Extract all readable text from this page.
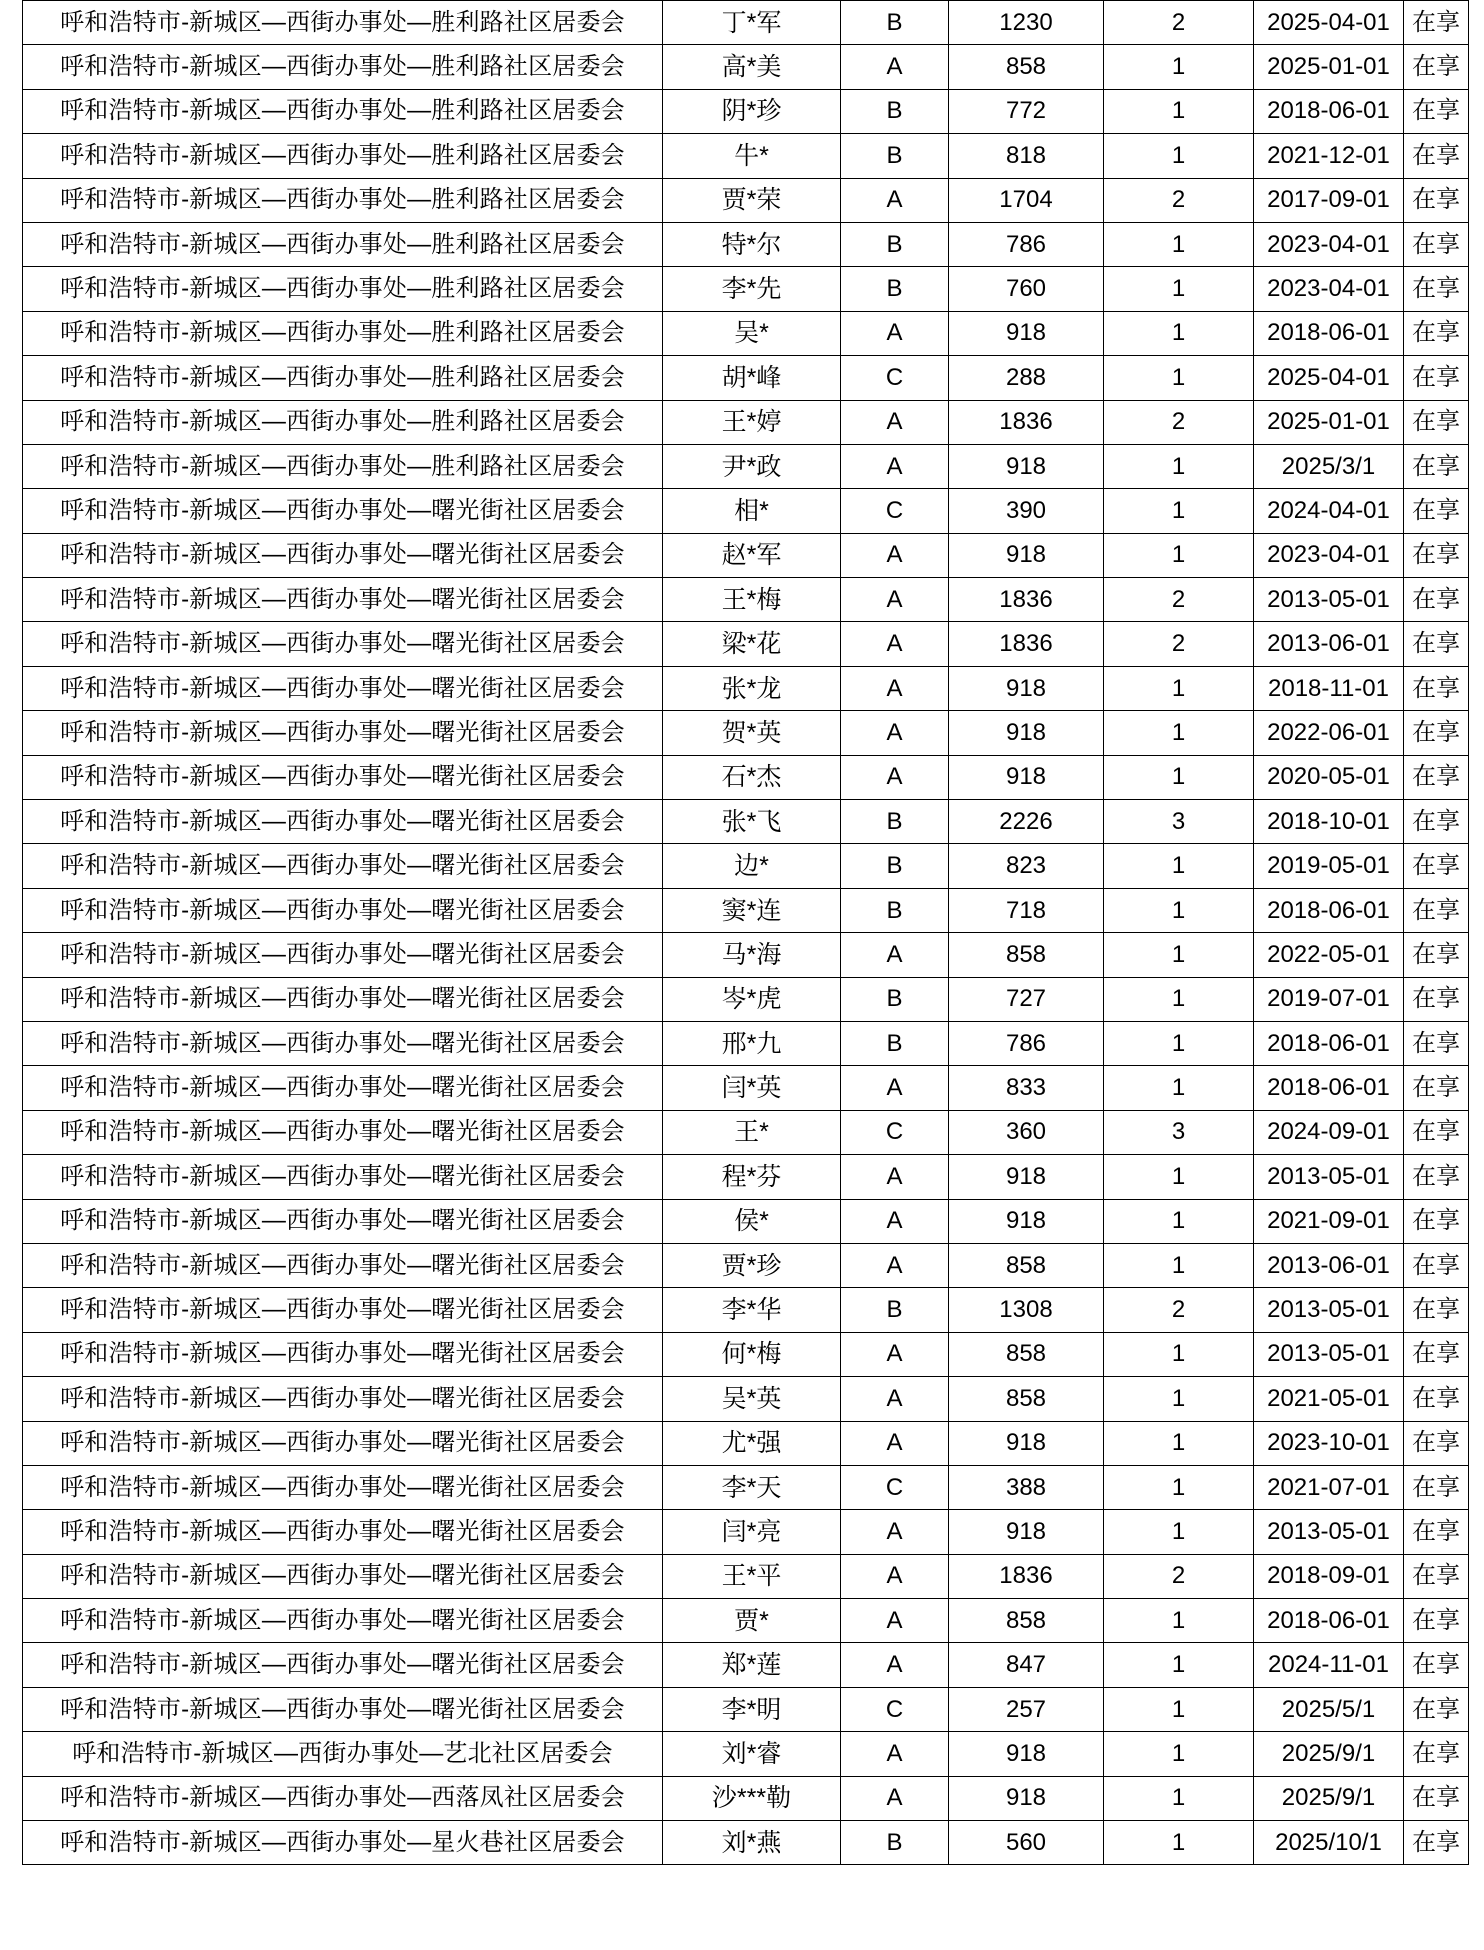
呼和浩特市-新城区—西街办事处—胜利路社区居委会	丁*军	B	1230	2	2025-04-01	在享
呼和浩特市-新城区—西街办事处—胜利路社区居委会	高*美	A	858	1	2025-01-01	在享
呼和浩特市-新城区—西街办事处—胜利路社区居委会	阴*珍	B	772	1	2018-06-01	在享
呼和浩特市-新城区—西街办事处—胜利路社区居委会	牛*	B	818	1	2021-12-01	在享
呼和浩特市-新城区—西街办事处—胜利路社区居委会	贾*荣	A	1704	2	2017-09-01	在享
呼和浩特市-新城区—西街办事处—胜利路社区居委会	特*尔	B	786	1	2023-04-01	在享
呼和浩特市-新城区—西街办事处—胜利路社区居委会	李*先	B	760	1	2023-04-01	在享
呼和浩特市-新城区—西街办事处—胜利路社区居委会	吴*	A	918	1	2018-06-01	在享
呼和浩特市-新城区—西街办事处—胜利路社区居委会	胡*峰	C	288	1	2025-04-01	在享
呼和浩特市-新城区—西街办事处—胜利路社区居委会	王*婷	A	1836	2	2025-01-01	在享
呼和浩特市-新城区—西街办事处—胜利路社区居委会	尹*政	A	918	1	2025/3/1	在享
呼和浩特市-新城区—西街办事处—曙光街社区居委会	相*	C	390	1	2024-04-01	在享
呼和浩特市-新城区—西街办事处—曙光街社区居委会	赵*军	A	918	1	2023-04-01	在享
呼和浩特市-新城区—西街办事处—曙光街社区居委会	王*梅	A	1836	2	2013-05-01	在享
呼和浩特市-新城区—西街办事处—曙光街社区居委会	梁*花	A	1836	2	2013-06-01	在享
呼和浩特市-新城区—西街办事处—曙光街社区居委会	张*龙	A	918	1	2018-11-01	在享
呼和浩特市-新城区—西街办事处—曙光街社区居委会	贺*英	A	918	1	2022-06-01	在享
呼和浩特市-新城区—西街办事处—曙光街社区居委会	石*杰	A	918	1	2020-05-01	在享
呼和浩特市-新城区—西街办事处—曙光街社区居委会	张*飞	B	2226	3	2018-10-01	在享
呼和浩特市-新城区—西街办事处—曙光街社区居委会	边*	B	823	1	2019-05-01	在享
呼和浩特市-新城区—西街办事处—曙光街社区居委会	窦*连	B	718	1	2018-06-01	在享
呼和浩特市-新城区—西街办事处—曙光街社区居委会	马*海	A	858	1	2022-05-01	在享
呼和浩特市-新城区—西街办事处—曙光街社区居委会	岑*虎	B	727	1	2019-07-01	在享
呼和浩特市-新城区—西街办事处—曙光街社区居委会	邢*九	B	786	1	2018-06-01	在享
呼和浩特市-新城区—西街办事处—曙光街社区居委会	闫*英	A	833	1	2018-06-01	在享
呼和浩特市-新城区—西街办事处—曙光街社区居委会	王*	C	360	3	2024-09-01	在享
呼和浩特市-新城区—西街办事处—曙光街社区居委会	程*芬	A	918	1	2013-05-01	在享
呼和浩特市-新城区—西街办事处—曙光街社区居委会	侯*	A	918	1	2021-09-01	在享
呼和浩特市-新城区—西街办事处—曙光街社区居委会	贾*珍	A	858	1	2013-06-01	在享
呼和浩特市-新城区—西街办事处—曙光街社区居委会	李*华	B	1308	2	2013-05-01	在享
呼和浩特市-新城区—西街办事处—曙光街社区居委会	何*梅	A	858	1	2013-05-01	在享
呼和浩特市-新城区—西街办事处—曙光街社区居委会	吴*英	A	858	1	2021-05-01	在享
呼和浩特市-新城区—西街办事处—曙光街社区居委会	尤*强	A	918	1	2023-10-01	在享
呼和浩特市-新城区—西街办事处—曙光街社区居委会	李*天	C	388	1	2021-07-01	在享
呼和浩特市-新城区—西街办事处—曙光街社区居委会	闫*亮	A	918	1	2013-05-01	在享
呼和浩特市-新城区—西街办事处—曙光街社区居委会	王*平	A	1836	2	2018-09-01	在享
呼和浩特市-新城区—西街办事处—曙光街社区居委会	贾*	A	858	1	2018-06-01	在享
呼和浩特市-新城区—西街办事处—曙光街社区居委会	郑*莲	A	847	1	2024-11-01	在享
呼和浩特市-新城区—西街办事处—曙光街社区居委会	李*明	C	257	1	2025/5/1	在享
呼和浩特市-新城区—西街办事处—艺北社区居委会	刘*睿	A	918	1	2025/9/1	在享
呼和浩特市-新城区—西街办事处—西落凤社区居委会	沙***勒	A	918	1	2025/9/1	在享
呼和浩特市-新城区—西街办事处—星火巷社区居委会	刘*燕	B	560	1	2025/10/1	在享
